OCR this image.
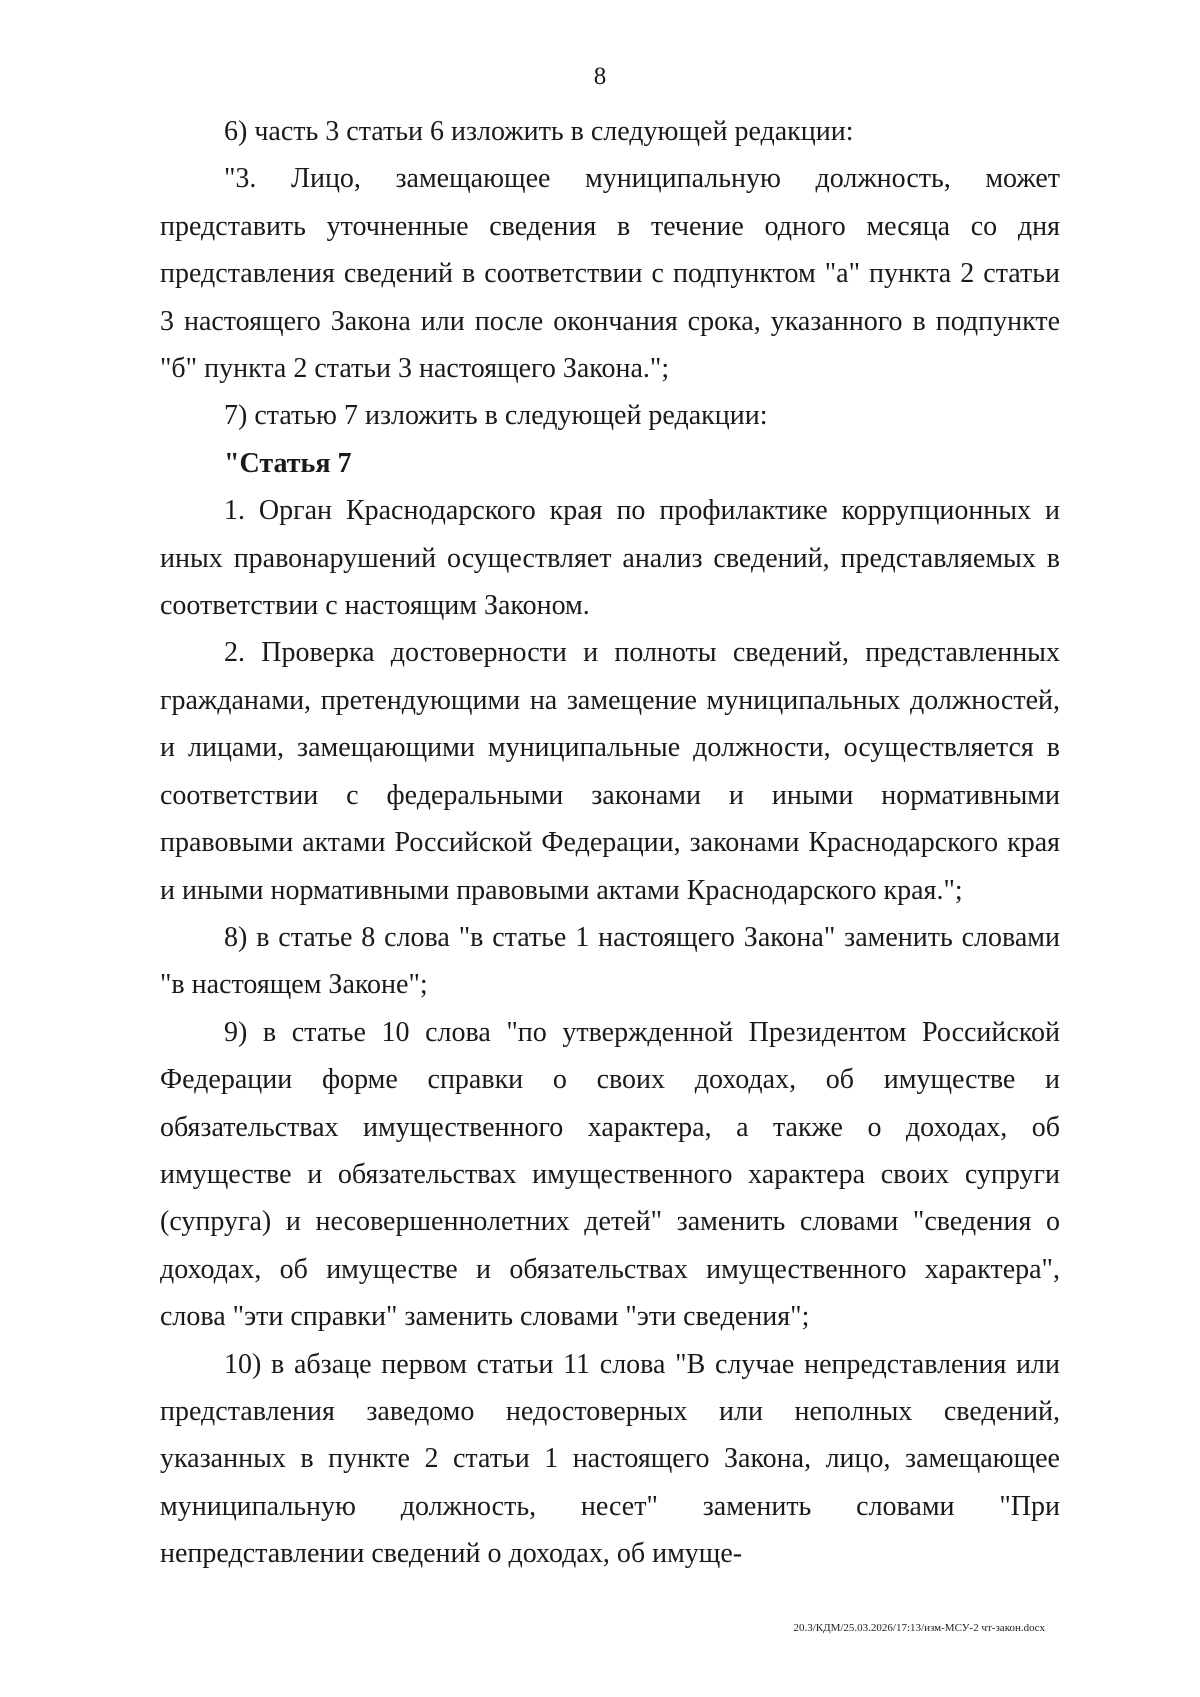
8

6) часть 3 статьи 6 изложить в следующей редакции:

"3. Лицо, замещающее муниципальную должность, может представить уточненные сведения в течение одного месяца со дня представления сведений в соответствии с подпунктом "а" пункта 2 статьи 3 настоящего Закона или после окончания срока, указанного в подпункте "б" пункта 2 статьи 3 настоящего Закона.";

7) статью 7 изложить в следующей редакции:

"Статья 7

1. Орган Краснодарского края по профилактике коррупционных и иных правонарушений осуществляет анализ сведений, представляемых в соответствии с настоящим Законом.

2. Проверка достоверности и полноты сведений, представленных гражданами, претендующими на замещение муниципальных должностей, и лицами, замещающими муниципальные должности, осуществляется в соответствии с федеральными законами и иными нормативными правовыми актами Российской Федерации, законами Краснодарского края и иными нормативными правовыми актами Краснодарского края.";

8) в статье 8 слова "в статье 1 настоящего Закона" заменить словами "в настоящем Законе";

9) в статье 10 слова "по утвержденной Президентом Российской Федерации форме справки о своих доходах, об имуществе и обязательствах имущественного характера, а также о доходах, об имуществе и обязательствах имущественного характера своих супруги (супруга) и несовершеннолетних детей" заменить словами "сведения о доходах, об имуществе и обязательствах имущественного характера", слова "эти справки" заменить словами "эти сведения";

10) в абзаце первом статьи 11 слова "В случае непредставления или представления заведомо недостоверных или неполных сведений, указанных в пункте 2 статьи 1 настоящего Закона, лицо, замещающее муниципальную должность, несет" заменить словами "При непредставлении сведений о доходах, об имуще-

20.3/КДМ/25.03.2026/17:13/изм-МСУ-2 чт-закон.docx
